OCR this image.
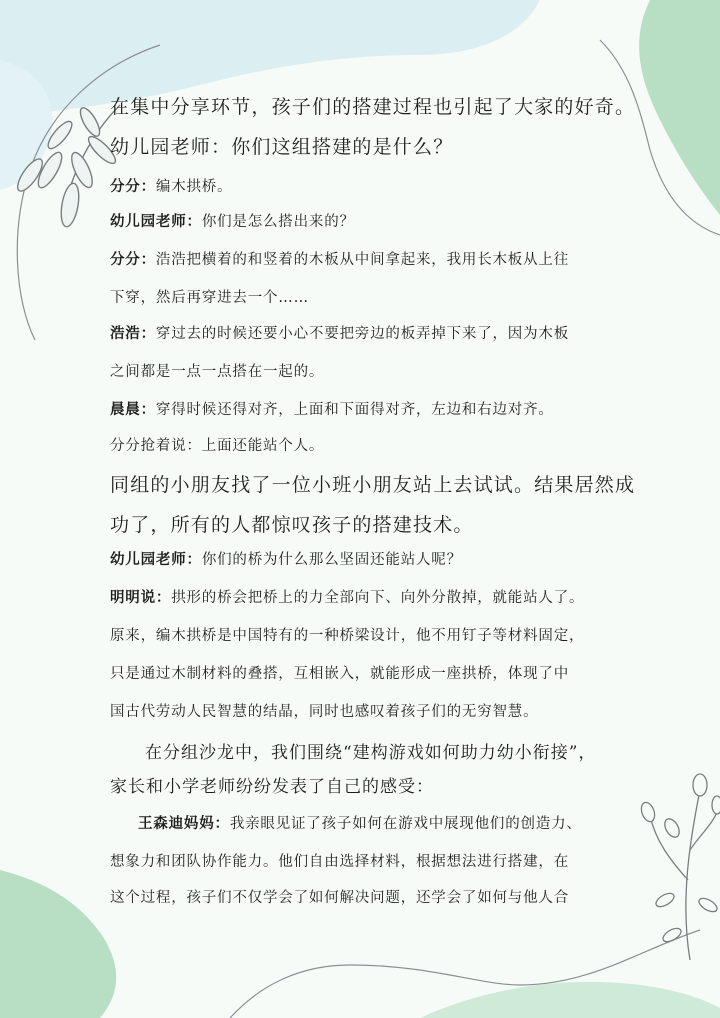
在集中分享环节，孩子们的搭建过程也引起了大家的好奇。
幼儿园老师：你们这组搭建的是什么？
分分：编木拱桥。
幼儿园老师：你们是怎么搭出来的？
分分：浩浩把横着的和竖着的木板从中间拿起来，我用长木板从上往
下穿，然后再穿进去一个……
浩浩：穿过去的时候还要小心不要把旁边的板弄掉下来了，因为木板
之间都是一点一点搭在一起的。
晨晨：穿得时候还得对齐，上面和下面得对齐，左边和右边对齐。
分分抢着说：上面还能站个人。
同组的小朋友找了一位小班小朋友站上去试试。结果居然成
功了，所有的人都惊叹孩子的搭建技术。
幼儿园老师：你们的桥为什么那么坚固还能站人呢？
明明说：拱形的桥会把桥上的力全部向下、向外分散掉，就能站人了。
原来，编木拱桥是中国特有的一种桥梁设计，他不用钉子等材料固定，
只是通过木制材料的叠搭，互相嵌入，就能形成一座拱桥，体现了中
国古代劳动人民智慧的结晶，同时也感叹着孩子们的无穷智慧。
在分组沙龙中，我们围绕“建构游戏如何助力幼小衔接”，
家长和小学老师纷纷发表了自己的感受：
王森迪妈妈：我亲眼见证了孩子如何在游戏中展现他们的创造力、
想象力和团队协作能力。他们自由选择材料，根据想法进行搭建，在
这个过程，孩子们不仅学会了如何解决问题，还学会了如何与他人合
